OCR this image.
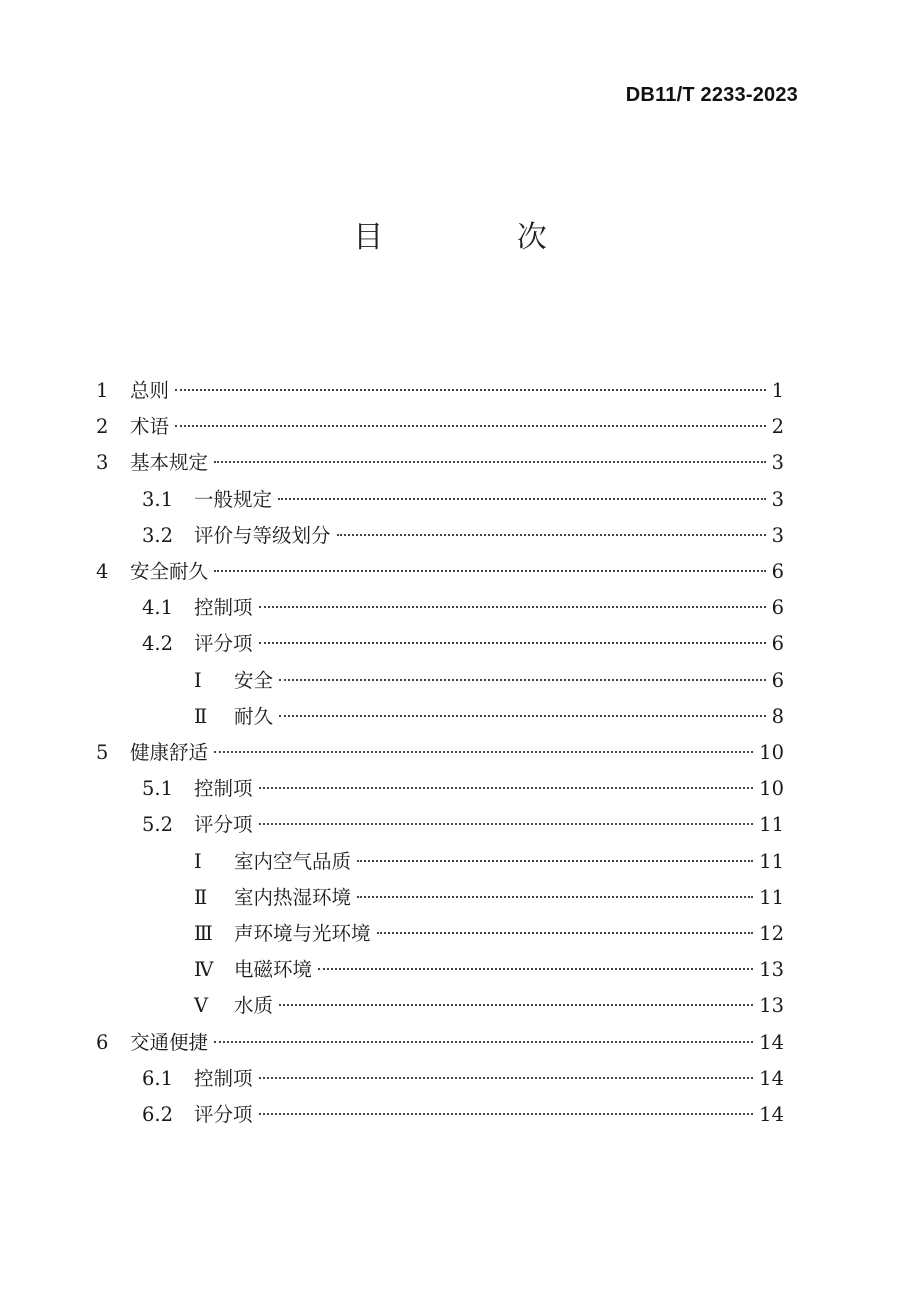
DB11/T 2233-2023
目 次
1	总则	1
2	术语	2
3	基本规定	3
3.1	一般规定	3
3.2	评价与等级划分	3
4	安全耐久	6
4.1	控制项	6
4.2	评分项	6
Ⅰ	安全	6
Ⅱ	耐久	8
5	健康舒适	10
5.1	控制项	10
5.2	评分项	11
Ⅰ	室内空气品质	11
Ⅱ	室内热湿环境	11
Ⅲ	声环境与光环境	12
Ⅳ	电磁环境	13
Ⅴ	水质	13
6	交通便捷	14
6.1	控制项	14
6.2	评分项	14
